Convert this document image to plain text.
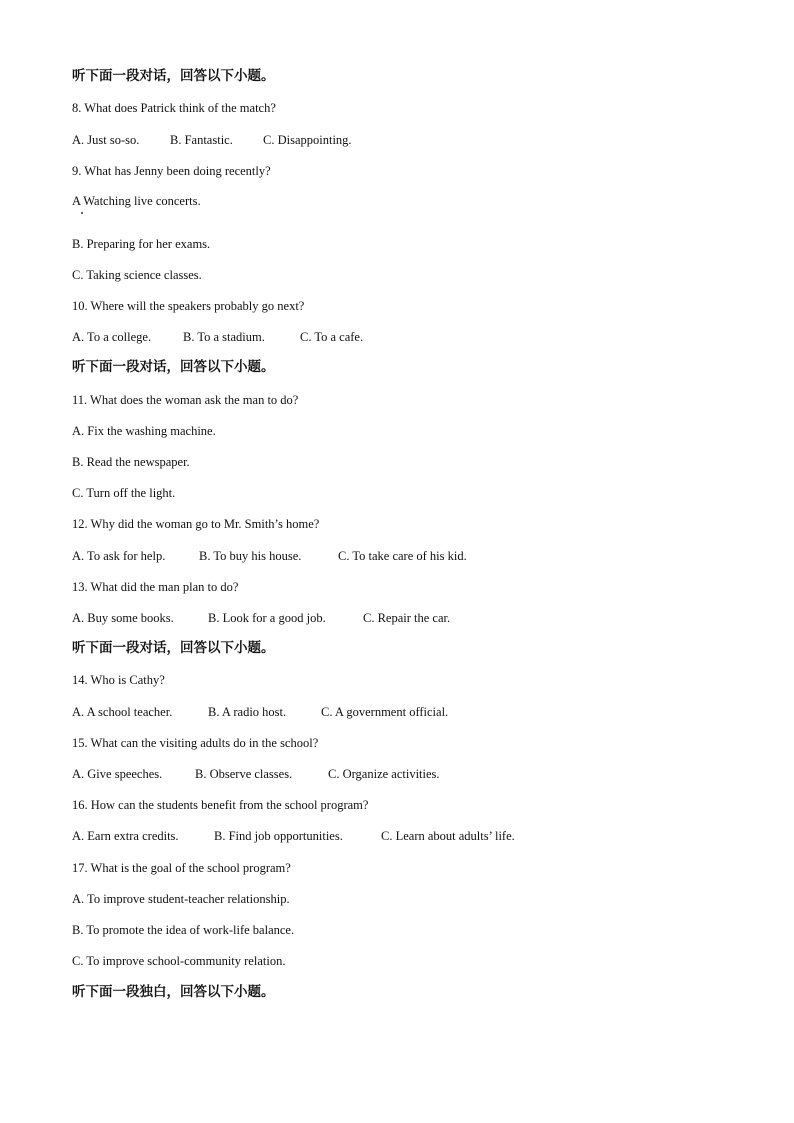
听下面一段对话，回答以下小题。
8. What does Patrick think of the match?
A. Just so-so. B. Fantastic. C. Disappointing.
9. What has Jenny been doing recently?
A Watching live concerts.
B. Preparing for her exams.
C. Taking science classes.
10. Where will the speakers probably go next?
A. To a college.	B. To a stadium.	C. To a cafe.
听下面一段对话，回答以下小题。
11. What does the woman ask the man to do?
A. Fix the washing machine.
B. Read the newspaper.
C. Turn off the light.
12. Why did the woman go to Mr. Smith’s home?
A. To ask for help.	B. To buy his house.	C. To take care of his kid.
13. What did the man plan to do?
A. Buy some books.	B. Look for a good job.	C. Repair the car.
听下面一段对话，回答以下小题。
14. Who is Cathy?
A. A school teacher.	B. A radio host.	C. A government official.
15. What can the visiting adults do in the school?
A. Give speeches.	B. Observe classes.	C. Organize activities.
16. How can the students benefit from the school program?
A. Earn extra credits.	B. Find job opportunities.	C. Learn about adults’ life.
17. What is the goal of the school program?
A. To improve student-teacher relationship.
B. To promote the idea of work-life balance.
C. To improve school-community relation.
听下面一段独白，回答以下小题。
